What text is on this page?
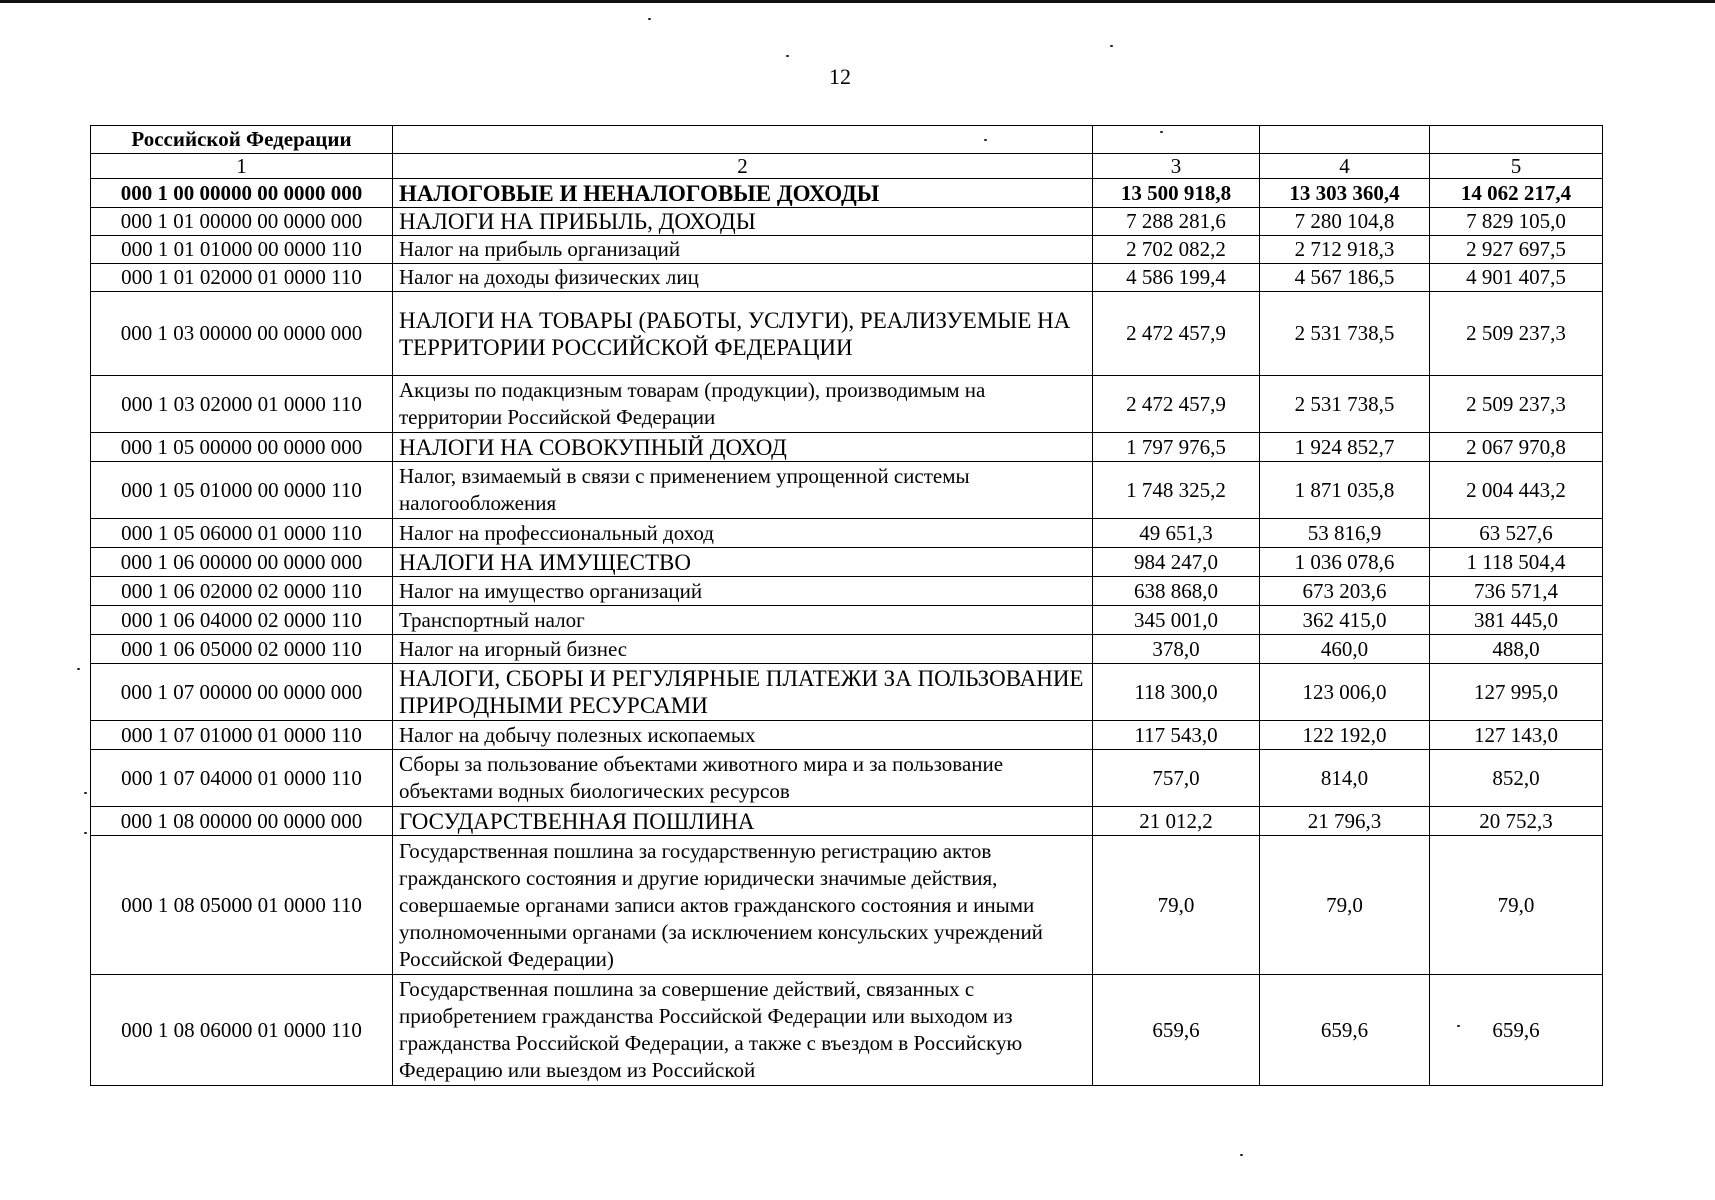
12
Российской Федерации				
1	2	3	4	5
000 1 00 00000 00 0000 000	НАЛОГОВЫЕ И НЕНАЛОГОВЫЕ ДОХОДЫ	13 500 918,8	13 303 360,4	14 062 217,4
000 1 01 00000 00 0000 000	НАЛОГИ НА ПРИБЫЛЬ, ДОХОДЫ	7 288 281,6	7 280 104,8	7 829 105,0
000 1 01 01000 00 0000 110	Налог на прибыль организаций	2 702 082,2	2 712 918,3	2 927 697,5
000 1 01 02000 01 0000 110	Налог на доходы физических лиц	4 586 199,4	4 567 186,5	4 901 407,5
000 1 03 00000 00 0000 000	НАЛОГИ НА ТОВАРЫ (РАБОТЫ, УСЛУГИ), РЕАЛИЗУЕМЫЕ НА ТЕРРИТОРИИ РОССИЙСКОЙ ФЕДЕРАЦИИ	2 472 457,9	2 531 738,5	2 509 237,3
000 1 03 02000 01 0000 110	Акцизы по подакцизным товарам (продукции), производимым на территории Российской Федерации	2 472 457,9	2 531 738,5	2 509 237,3
000 1 05 00000 00 0000 000	НАЛОГИ НА СОВОКУПНЫЙ ДОХОД	1 797 976,5	1 924 852,7	2 067 970,8
000 1 05 01000 00 0000 110	Налог, взимаемый в связи с применением упрощенной системы налогообложения	1 748 325,2	1 871 035,8	2 004 443,2
000 1 05 06000 01 0000 110	Налог на профессиональный доход	49 651,3	53 816,9	63 527,6
000 1 06 00000 00 0000 000	НАЛОГИ НА ИМУЩЕСТВО	984 247,0	1 036 078,6	1 118 504,4
000 1 06 02000 02 0000 110	Налог на имущество организаций	638 868,0	673 203,6	736 571,4
000 1 06 04000 02 0000 110	Транспортный налог	345 001,0	362 415,0	381 445,0
000 1 06 05000 02 0000 110	Налог на игорный бизнес	378,0	460,0	488,0
000 1 07 00000 00 0000 000	НАЛОГИ, СБОРЫ И РЕГУЛЯРНЫЕ ПЛАТЕЖИ ЗА ПОЛЬЗОВАНИЕ ПРИРОДНЫМИ РЕСУРСАМИ	118 300,0	123 006,0	127 995,0
000 1 07 01000 01 0000 110	Налог на добычу полезных ископаемых	117 543,0	122 192,0	127 143,0
000 1 07 04000 01 0000 110	Сборы за пользование объектами животного мира и за пользование объектами водных биологических ресурсов	757,0	814,0	852,0
000 1 08 00000 00 0000 000	ГОСУДАРСТВЕННАЯ ПОШЛИНА	21 012,2	21 796,3	20 752,3
000 1 08 05000 01 0000 110	Государственная пошлина за государственную регистрацию актов гражданского состояния и другие юридически значимые действия, совершаемые органами записи актов гражданского состояния и иными уполномоченными органами (за исключением консульских учреждений Российской Федерации)	79,0	79,0	79,0
000 1 08 06000 01 0000 110	Государственная пошлина за совершение действий, связанных с приобретением гражданства Российской Федерации или выходом из гражданства Российской Федерации, а также с въездом в Российскую Федерацию или выездом из Российской	659,6	659,6	659,6
